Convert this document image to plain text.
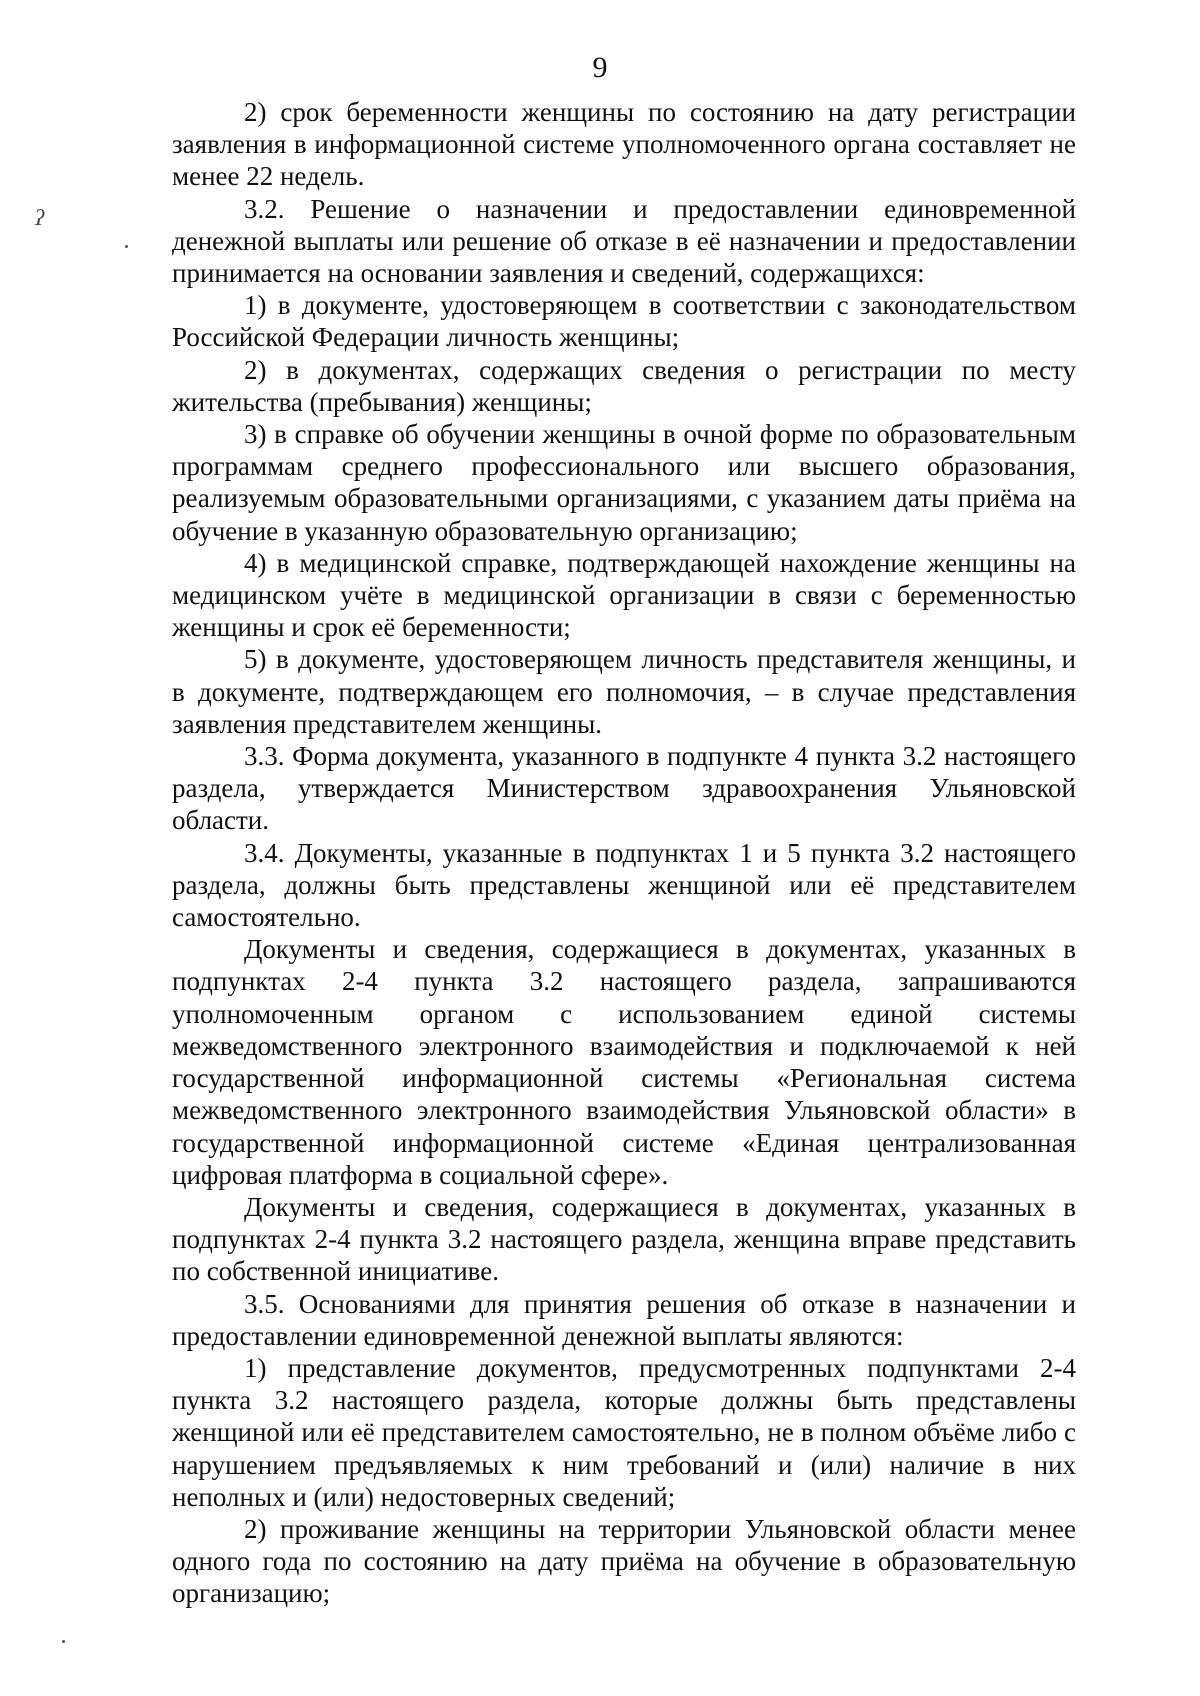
9
ʔ

2) срок беременности женщины по состоянию на дату регистрации заявления в информационной системе уполномоченного органа составляет не менее 22 недель.

3.2. Решение о назначении и предоставлении единовременной денежной выплаты или решение об отказе в её назначении и предоставлении принимается на основании заявления и сведений, содержащихся:

1) в документе, удостоверяющем в соответствии с законодательством Российской Федерации личность женщины;

2) в документах, содержащих сведения о регистрации по месту жительства (пребывания) женщины;

3) в справке об обучении женщины в очной форме по образовательным программам среднего профессионального или высшего образования, реализуемым образовательными организациями, с указанием даты приёма на обучение в указанную образовательную организацию;

4) в медицинской справке, подтверждающей нахождение женщины на медицинском учёте в медицинской организации в связи с беременностью женщины и срок её беременности;

5) в документе, удостоверяющем личность представителя женщины, и в документе, подтверждающем его полномочия, – в случае представления заявления представителем женщины.

3.3. Форма документа, указанного в подпункте 4 пункта 3.2 настоящего раздела, утверждается Министерством здравоохранения Ульяновской области.

3.4. Документы, указанные в подпунктах 1 и 5 пункта 3.2 настоящего раздела, должны быть представлены женщиной или её представителем самостоятельно.

Документы и сведения, содержащиеся в документах, указанных в подпунктах 2-4 пункта 3.2 настоящего раздела, запрашиваются уполномоченным органом с использованием единой системы межведомственного электронного взаимодействия и подключаемой к ней государственной информационной системы «Региональная система межведомственного электронного взаимодействия Ульяновской области» в государственной информационной системе «Единая централизованная цифровая платформа в социальной сфере».

Документы и сведения, содержащиеся в документах, указанных в подпунктах 2-4 пункта 3.2 настоящего раздела, женщина вправе представить по собственной инициативе.

3.5. Основаниями для принятия решения об отказе в назначении и предоставлении единовременной денежной выплаты являются:

1) представление документов, предусмотренных подпунктами 2-4 пункта 3.2 настоящего раздела, которые должны быть представлены женщиной или её представителем самостоятельно, не в полном объёме либо с нарушением предъявляемых к ним требований и (или) наличие в них неполных и (или) недостоверных сведений;

2) проживание женщины на территории Ульяновской области менее одного года по состоянию на дату приёма на обучение в образовательную организацию;
